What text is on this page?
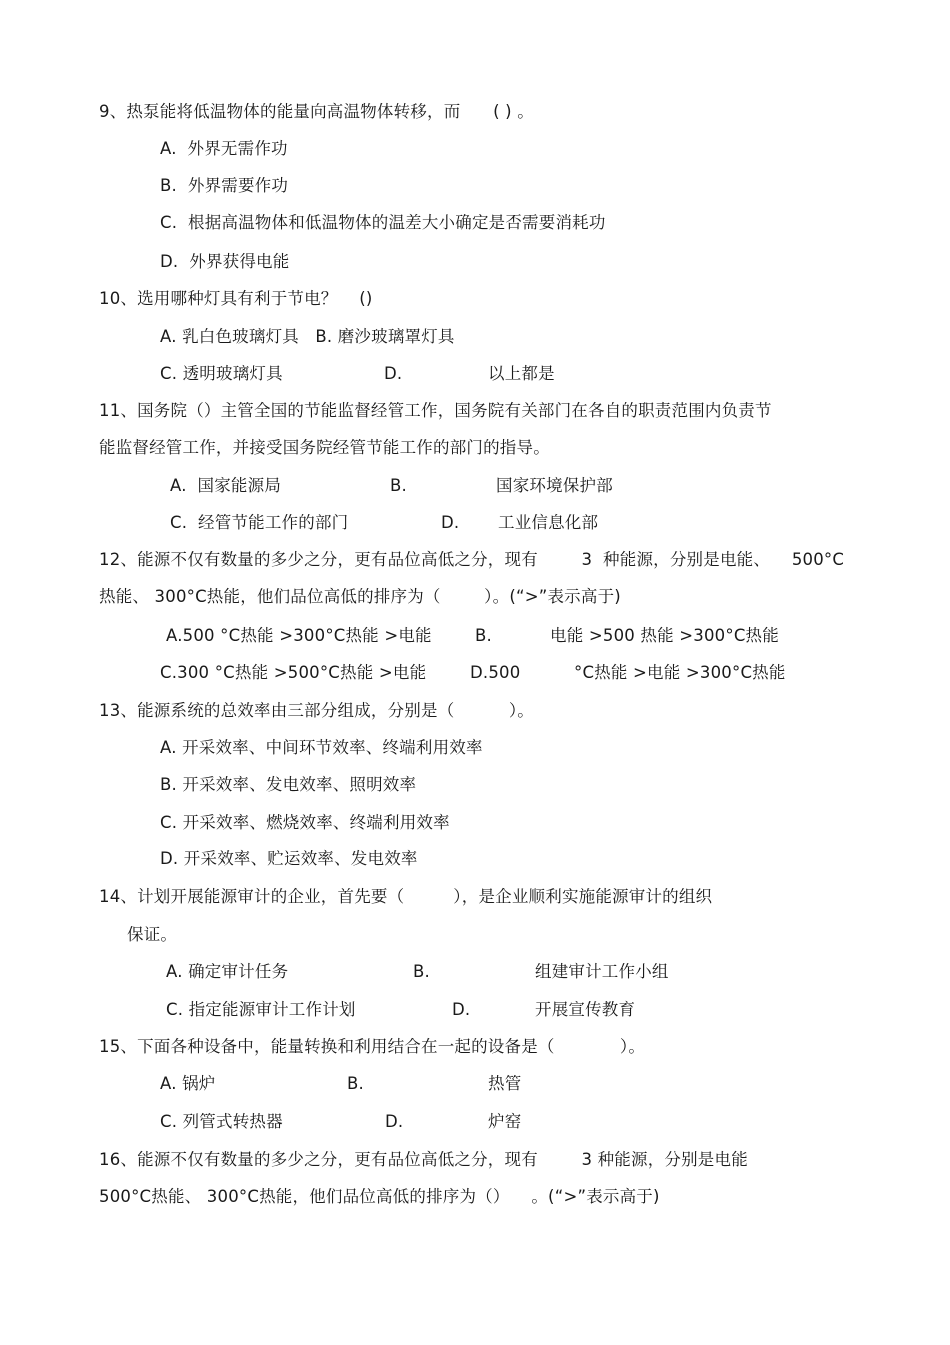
9、热泵能将低温物体的能量向高温物体转移，而      ( ) 。
A.  外界无需作功
B.  外界需要作功
C.  根据高温物体和低温物体的温差大小确定是否需要消耗功
D.  外界获得电能
10、选用哪种灯具有利于节电？    ()
A. 乳白色玻璃灯具   B. 磨沙玻璃罩灯具
C. 透明玻璃灯具	D.	以上都是
11、国务院（）主管全国的节能监督经管工作，国务院有关部门在各自的职责范围内负责节
能监督经管工作，并接受国务院经管节能工作的部门的指导。
A.  国家能源局	B.	国家环境保护部
C.  经管节能工作的部门	D. 工业信息化部
12、能源不仅有数量的多少之分，更有品位高低之分，现有        3  种能源，分别是电能、    500°C
热能、 300°C热能，他们品位高低的排序为（        ）。(“>”表示高于)
A.500 °C热能 >300°C热能 >电能	B.	电能 >500 热能 >300°C热能
C.300 °C热能 >500°C热能 >电能	D.500	°C热能 >电能 >300°C热能
13、能源系统的总效率由三部分组成，分别是（          ）。
A. 开采效率、中间环节效率、终端利用效率
B. 开采效率、发电效率、照明效率
C. 开采效率、燃烧效率、终端利用效率
D. 开采效率、贮运效率、发电效率
14、计划开展能源审计的企业，首先要（         ），是企业顺利实施能源审计的组织
保证。
A. 确定审计任务	B.	组建审计工作小组
C. 指定能源审计工作计划	D.	开展宣传教育
15、下面各种设备中，能量转换和利用结合在一起的设备是（            ）。
A. 锅炉	B.	热管
C. 列管式转热器	D.	炉窑
16、能源不仅有数量的多少之分，更有品位高低之分，现有        3 种能源，分别是电能
500°C热能、 300°C热能，他们品位高低的排序为（）    。(“>”表示高于)
